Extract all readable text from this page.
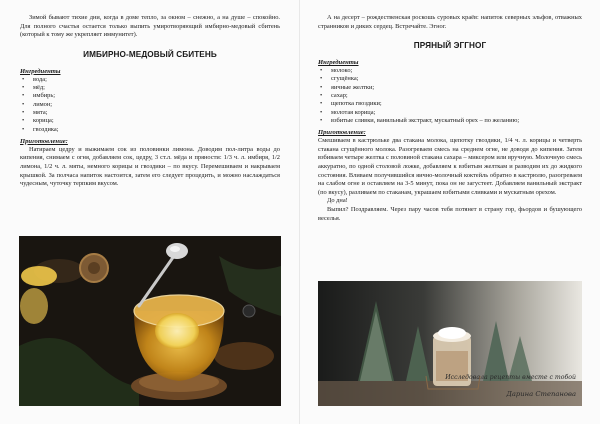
Зимой бывают тихие дни, когда в доме тепло, за окном – снежно, а на душе – спокойно. Для полного счастья остается только выпить умиротворяющий имбирно-медовый сбитень (который к тому же укрепляет иммунитет).

ИМБИРНО-МЕДОВЫЙ СБИТЕНЬ
Ингредиенты
• вода;
• мёд;
• имбирь;
• лимон;
• мята;
• корица;
• гвоздика;
Приготовление:

Натираем цедру и выжимаем сок из половинки лимона. Доводим пол-литра воды до кипения, снимаем с огня, добавляем сок, цедру, 3 ст.л. мёда и пряности: 1/3 ч. л. имбиря, 1/2 лимона, 1/2 ч. л. мяты, немного корицы и гвоздики – по вкусу. Перемешиваем и накрываем крышкой. За полчаса напиток настоится, затем его следует процедить, и можно наслаждаться чудесным, чуточку терпким вкусом.

А на десерт – рождественская роскошь суровых краёв: напиток северных эльфов, отважных странников и диких сердец. Встречайте. Эгног.

ПРЯНЫЙ ЭГГНОГ
Ингредиенты
• молоко;
• сгущёнка;
• яичные желтки;
• сахар;
• щепотка гвоздики;
• молотая корица;
• взбитые сливки, ванильный экстракт, мускатный орех – по желанию;
Приготовление:

Смешиваем в кастрюльке два стакана молока, щепотку гвоздики, 1/4 ч. л. корицы и четверть стакана сгущённого молока. Разогреваем смесь на среднем огне, не доводя до кипения. Затем взбиваем четыре желтка с половиной стакана сахара – миксером или вручную. Молочную смесь аккуратно, по одной столовой ложке, добавляем к взбитым желткам и разводим их до жидкого состояния. Вливаем получившийся яично-молочный коктейль обратно в кастрюлю, разогреваем на слабом огне и оставляем на 3-5 минут, пока он не загустеет. Добавляем ванильный экстракт (по вкусу), разливаем по стаканам, украшаем взбитыми сливками и мускатным орехом.

До дна!

Выпил? Поздравляем. Через пару часов тебя потянет в страну гор, фьордов и бушующего веселья.

Исследовала рецепты вместе с тобой
Дарина Степанова
